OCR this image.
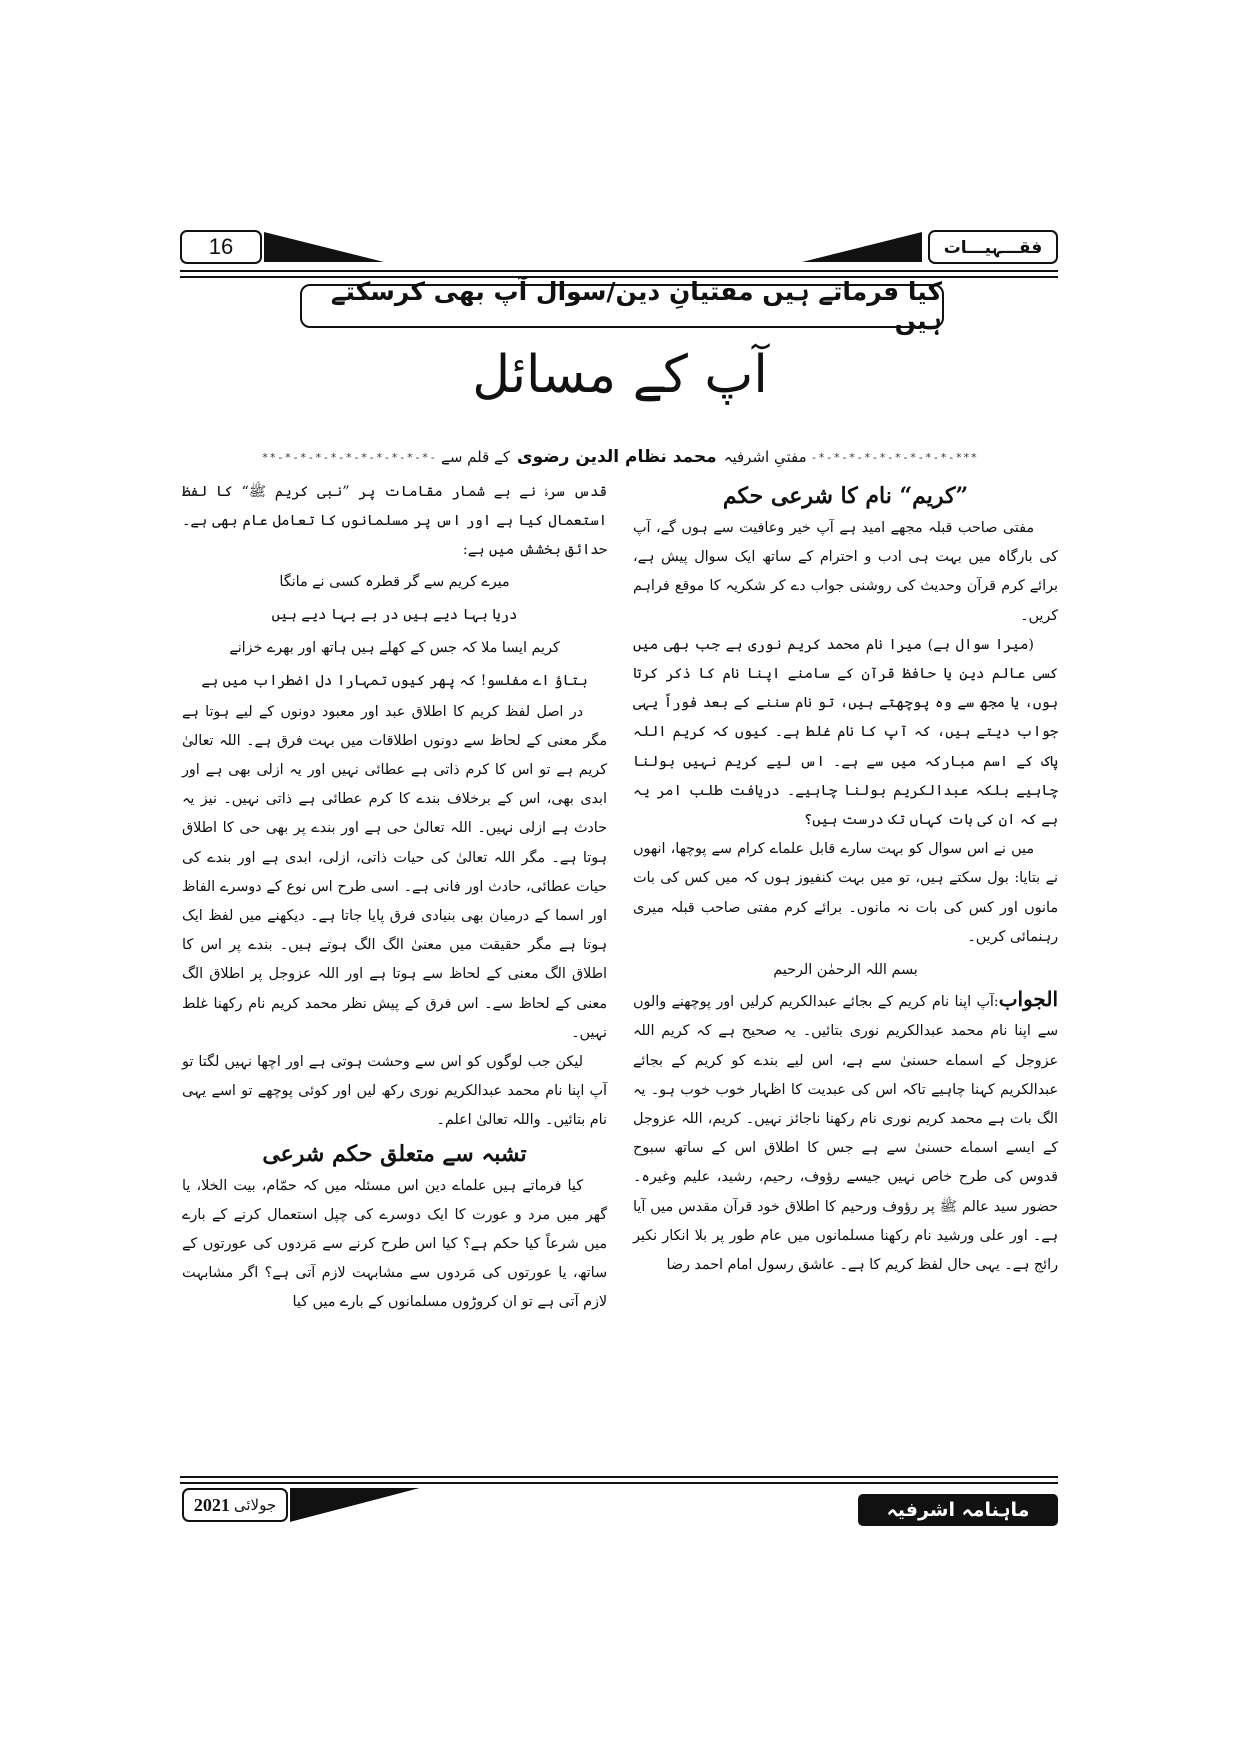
16	فقـــہیـــات
کیا فرماتے ہیں مفتیانِ دین/سوال آپ بھی کرسکتے ہیں
آپ کے مسائل
***-*-*-*-*-*-*-*-*-*-
مفتیِ اشرفیہ
محمد نظام الدین رضوی
کے قلم سے
-*-*-*-*-*-*-*-*-*-*-**

”کریم“ نام کا شرعی حکم

مفتی صاحب قبلہ مجھے امید ہے آپ خیر وعافیت سے ہوں گے، آپ کی بارگاہ میں بہت ہی ادب و احترام کے ساتھ ایک سوال پیش ہے، برائے کرم قرآن وحدیث کی روشنی جواب دے کر شکریہ کا موقع فراہم کریں۔

(میرا سوال ہے) میرا نام محمد کریم نوری ہے جب بھی میں کسی عالم دین یا حافظ قرآن کے سامنے اپنا نام کا ذکر کرتا ہوں، یا مجھ سے وہ پوچھتے ہیں، تو نام سننے کے بعد فوراً یہی جواب دیتے ہیں، کہ آپ کا نام غلط ہے۔ کیوں کہ کریم اللہ پاک کے اسم مبارکہ میں سے ہے۔ اس لیے کریم نہیں بولنا چاہیے بلکہ عبدالکریم بولنا چاہیے۔ دریافت طلب امر یہ ہے کہ ان کی بات کہاں تک درست ہیں؟

میں نے اس سوال کو بہت سارے قابل علماے کرام سے پوچھا، انھوں نے بتایا: بول سکتے ہیں، تو میں بہت کنفیوز ہوں کہ میں کس کی بات مانوں اور کس کی بات نہ مانوں۔ برائے کرم مفتی صاحب قبلہ میری رہنمائی کریں۔

بسم اللہ الرحمٰن الرحیم

الجواب:آپ اپنا نام کریم کے بجائے عبدالکریم کرلیں اور پوچھنے والوں سے اپنا نام محمد عبدالکریم نوری بتائیں۔ یہ صحیح ہے کہ کریم اللہ عزوجل کے اسماے حسنیٰ سے ہے، اس لیے بندے کو کریم کے بجائے عبدالکریم کہنا چاہیے تاکہ اس کی عبدیت کا اظہار خوب خوب ہو۔ یہ الگ بات ہے محمد کریم نوری نام رکھنا ناجائز نہیں۔ کریم، اللہ عزوجل کے ایسے اسماے حسنیٰ سے ہے جس کا اطلاق اس کے ساتھ سبوح قدوس کی طرح خاص نہیں جیسے رؤوف، رحیم، رشید، علیم وغیرہ۔ حضور سید عالم ﷺ پر رؤوف ورحیم کا اطلاق خود قرآن مقدس میں آیا ہے۔ اور علی ورشید نام رکھنا مسلمانوں میں عام طور پر بلا انکار نکیر رائج ہے۔ یہی حال لفظ کریم کا ہے۔ عاشق رسول امام احمد رضا

قدس سرہٗ نے بے شمار مقامات پر ”نبی کریم ﷺ“ کا لفظ استعمال کیا ہے اور اس پر مسلمانوں کا تعامل عام بھی ہے۔ حدائق بخشش میں ہے:

میرے کریم سے گر قطرہ کسی نے مانگا

دریا بہا دیے ہیں در بے بہا دیے ہیں

کریم ایسا ملا کہ جس کے کھلے ہیں ہاتھ اور بھرے خزانے

بتاؤ اے مفلسو! کہ پھر کیوں تمہارا دل اضطراب میں ہے

در اصل لفظ کریم کا اطلاق عبد اور معبود دونوں کے لیے ہوتا ہے مگر معنی کے لحاظ سے دونوں اطلاقات میں بہت فرق ہے۔ اللہ تعالیٰ کریم ہے تو اس کا کرم ذاتی ہے عطائی نہیں اور یہ ازلی بھی ہے اور ابدی بھی، اس کے برخلاف بندے کا کرم عطائی ہے ذاتی نہیں۔ نیز یہ حادث ہے ازلی نہیں۔ اللہ تعالیٰ حی ہے اور بندے پر بھی حی کا اطلاق ہوتا ہے۔ مگر اللہ تعالیٰ کی حیات ذاتی، ازلی، ابدی ہے اور بندے کی حیات عطائی، حادث اور فانی ہے۔ اسی طرح اس نوع کے دوسرے الفاظ اور اسما کے درمیان بھی بنیادی فرق پایا جاتا ہے۔ دیکھنے میں لفظ ایک ہوتا ہے مگر حقیقت میں معنیٰ الگ الگ ہوتے ہیں۔ بندے پر اس کا اطلاق الگ معنی کے لحاظ سے ہوتا ہے اور اللہ عزوجل پر اطلاق الگ معنی کے لحاظ سے۔ اس فرق کے پیش نظر محمد کریم نام رکھنا غلط نہیں۔

لیکن جب لوگوں کو اس سے وحشت ہوتی ہے اور اچھا نہیں لگتا تو آپ اپنا نام محمد عبدالکریم نوری رکھ لیں اور کوئی پوچھے تو اسے یہی نام بتائیں۔ واللہ تعالیٰ اعلم۔

تشبہ سے متعلق حکم شرعی

کیا فرماتے ہیں علماے دین اس مسئلہ میں کہ حمّام، بیت الخلا، یا گھر میں مرد و عورت کا ایک دوسرے کی چپل استعمال کرنے کے بارے میں شرعاً کیا حکم ہے؟ کیا اس طرح کرنے سے مَردوں کی عورتوں کے ساتھ، یا عورتوں کی مَردوں سے مشابہت لازم آتی ہے؟ اگر مشابہت لازم آتی ہے تو ان کروڑوں مسلمانوں کے بارے میں کیا

جولائی
2021	ماہنامہ اشرفیہ
